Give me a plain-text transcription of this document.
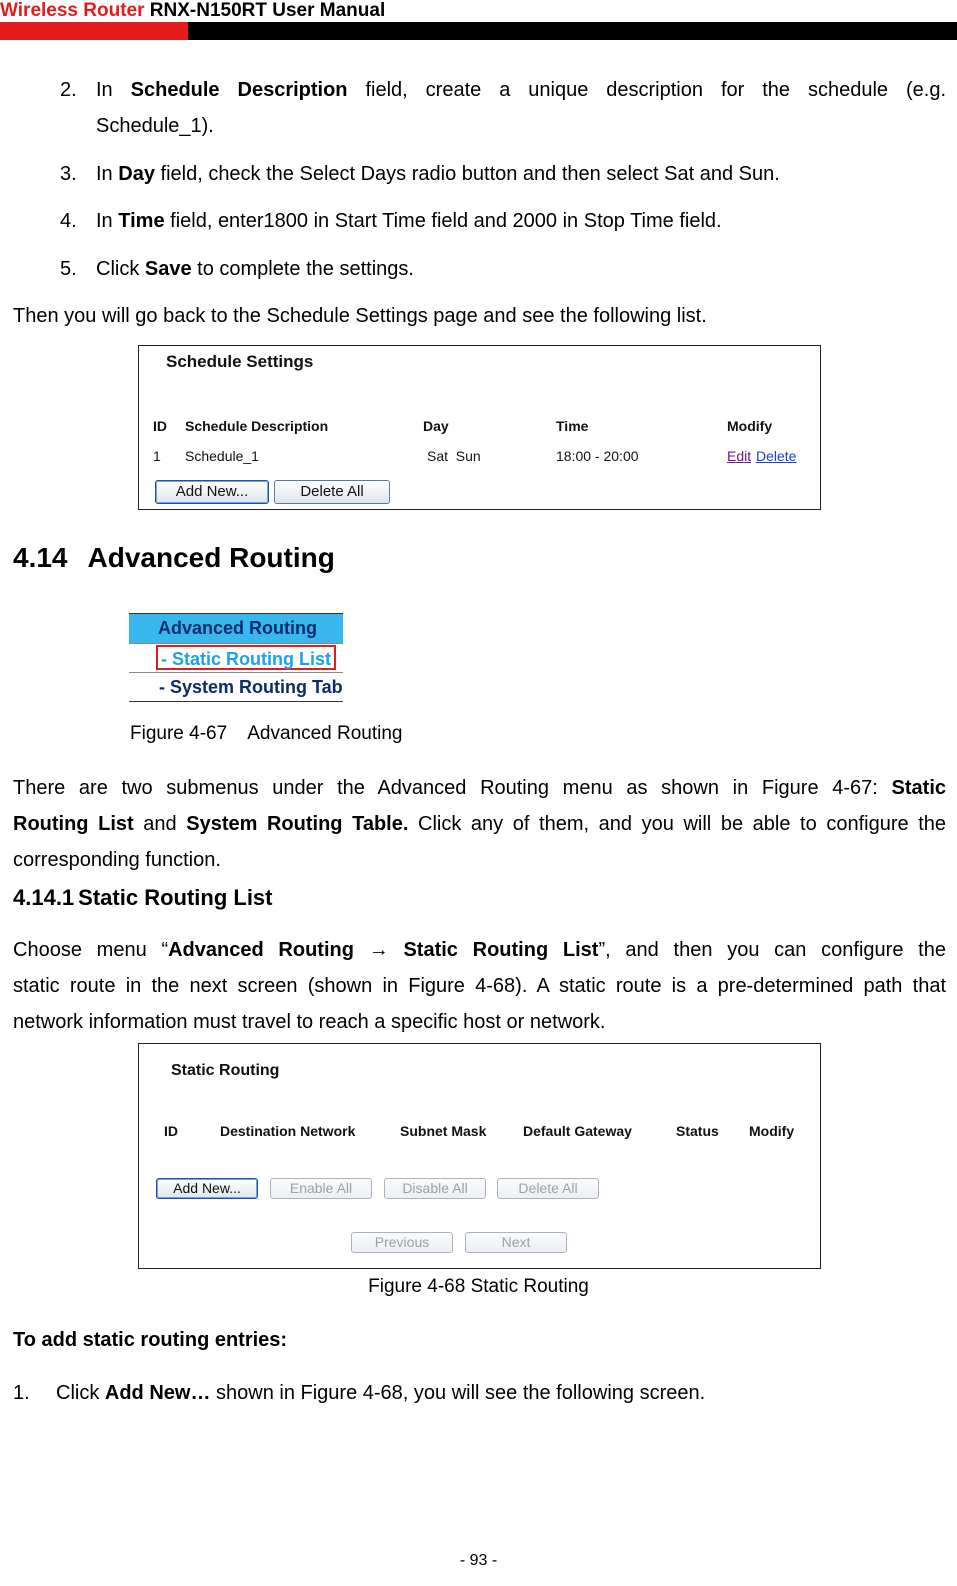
Wireless Router RNX-N150RT User Manual
2. In Schedule Description field, create a unique description for the schedule (e.g.
Schedule_1).
3. In Day field, check the Select Days radio button and then select Sat and Sun.
4. In Time field, enter1800 in Start Time field and 2000 in Stop Time field.
5. Click Save to complete the settings.
Then you will go back to the Schedule Settings page and see the following list.
Schedule Settings
ID Schedule Description	Day	Time	Modify
1 Schedule_1	Sat  Sun	18:00 - 20:00	Edit Delete
Add New...	Delete All
4.14 Advanced Routing
Advanced Routing
- Static Routing List
- System Routing Tab
Figure 4-67    Advanced Routing
There are two submenus under the Advanced Routing menu as shown in Figure 4-67: Static
Routing List and System Routing Table. Click any of them, and you will be able to configure the
corresponding function.
4.14.1 Static Routing List
Choose menu “Advanced Routing → Static Routing List”, and then you can configure the
static route in the next screen (shown in Figure 4-68). A static route is a pre-determined path that
network information must travel to reach a specific host or network.
Static Routing
ID	Destination Network	Subnet Mask	Default Gateway	Status Modify
Add New...	Enable All	Disable All	Delete All
Previous	Next
Figure 4-68 Static Routing
To add static routing entries:
1. Click Add New… shown in Figure 4-68, you will see the following screen.
- 93 -
